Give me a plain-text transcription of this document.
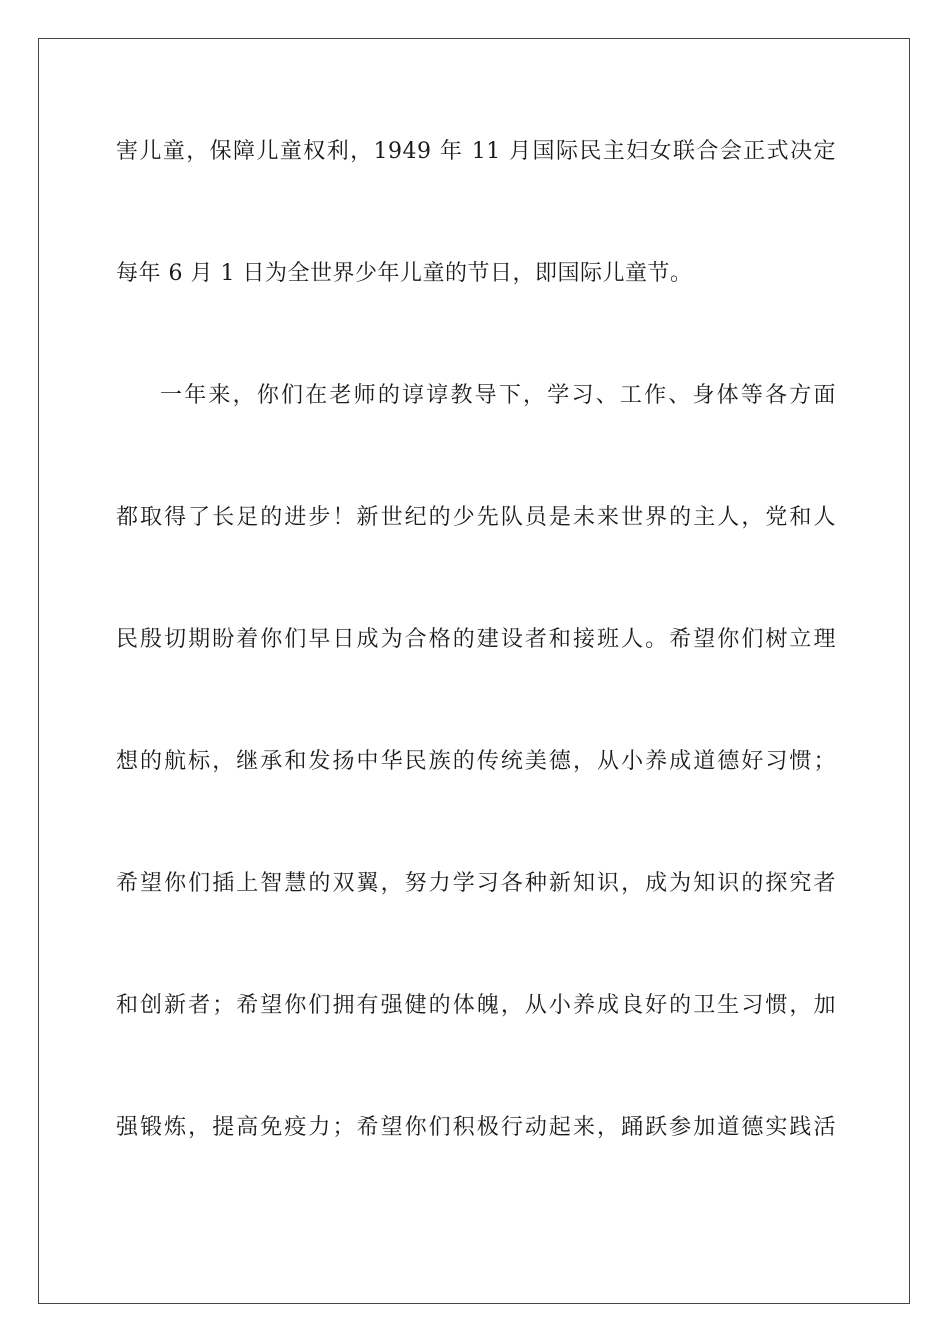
害儿童，保障儿童权利，1949 年 11 月国际民主妇女联合会正式决定
每年 6 月 1 日为全世界少年儿童的节日，即国际儿童节。
一年来，你们在老师的谆谆教导下，学习、工作、身体等各方面
都取得了长足的进步！新世纪的少先队员是未来世界的主人，党和人
民殷切期盼着你们早日成为合格的建设者和接班人。希望你们树立理
想的航标，继承和发扬中华民族的传统美德，从小养成道德好习惯；
希望你们插上智慧的双翼，努力学习各种新知识，成为知识的探究者
和创新者；希望你们拥有强健的体魄，从小养成良好的卫生习惯，加
强锻炼，提高免疫力；希望你们积极行动起来，踊跃参加道德实践活
